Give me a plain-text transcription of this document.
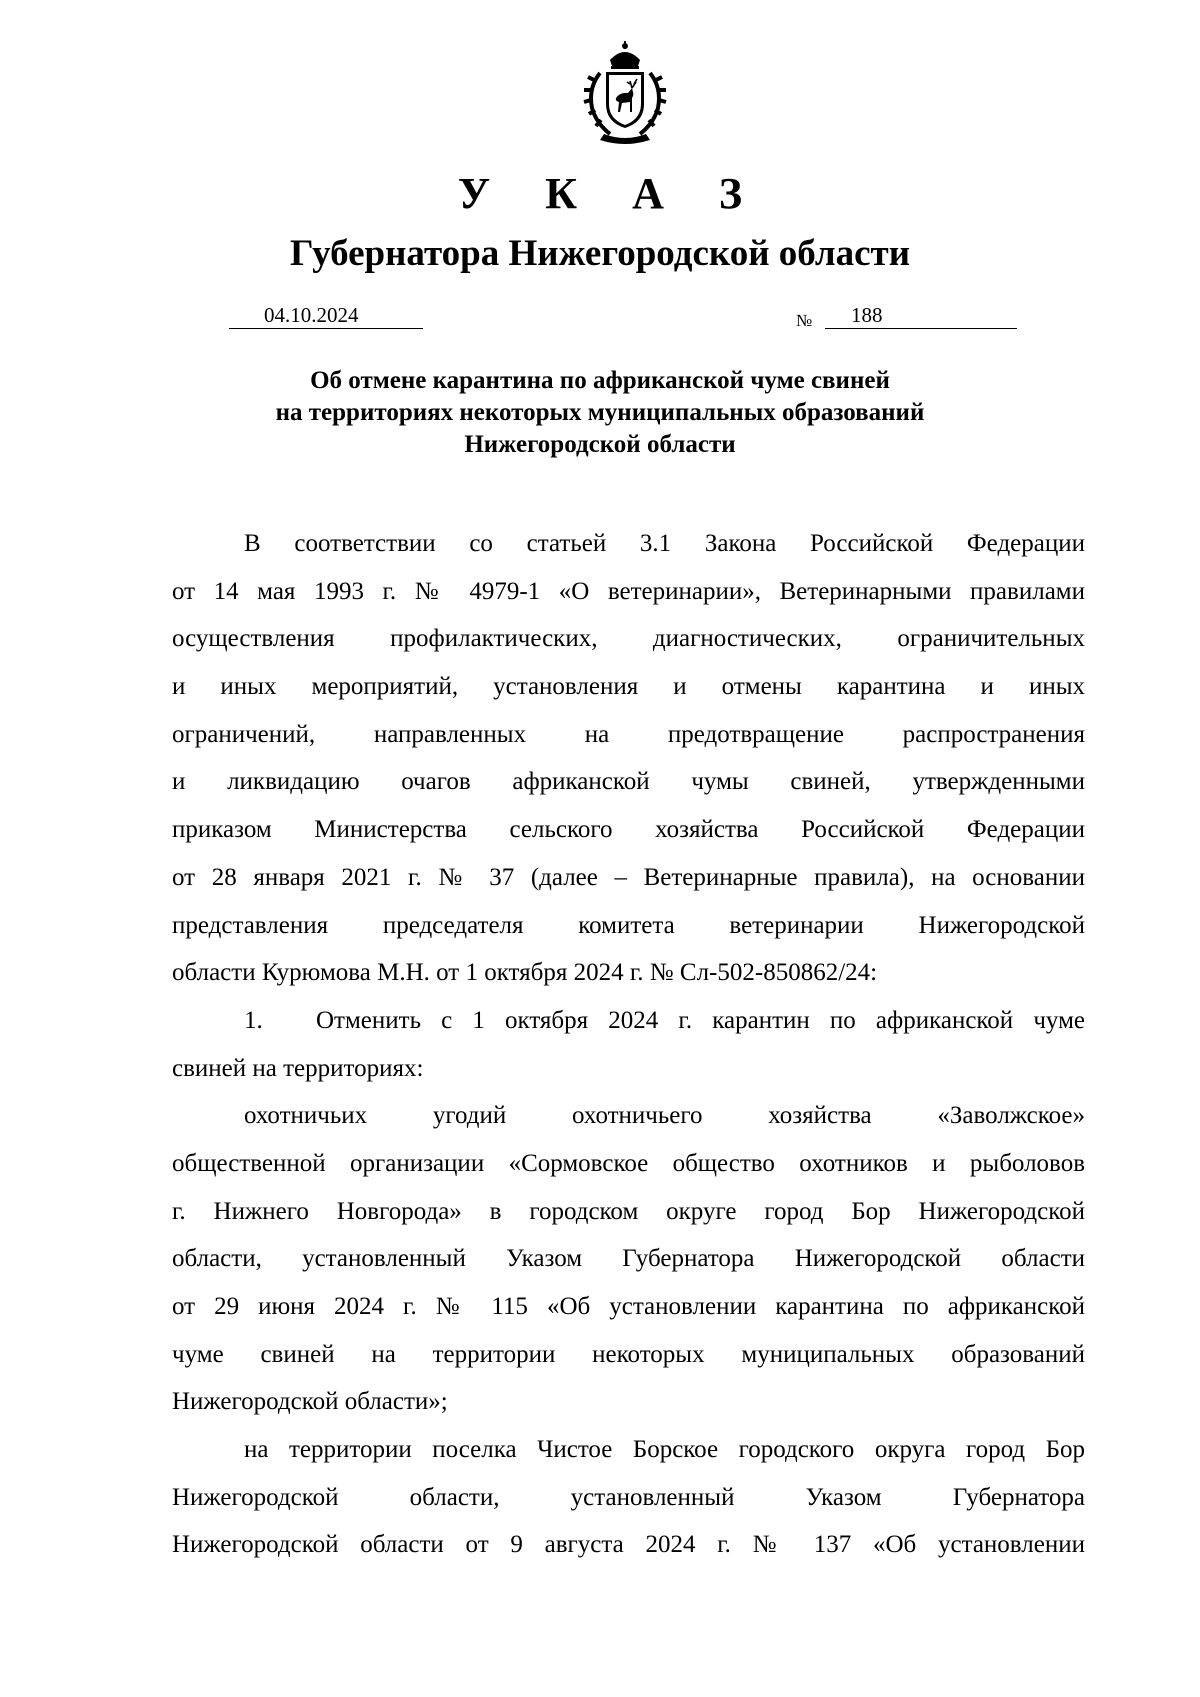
У К А З
Губернатора Нижегородской области
04.10.2024	№	188
Об отмене карантина по африканской чуме свиней
на территориях некоторых муниципальных образований
Нижегородской области
В соответствии со статьей 3.1 Закона Российской Федерации
от 14 мая 1993 г. № 4979-1 «О ветеринарии», Ветеринарными правилами
осуществления профилактических, диагностических, ограничительных
и иных мероприятий, установления и отмены карантина и иных
ограничений, направленных на предотвращение распространения
и ликвидацию очагов африканской чумы свиней, утвержденными
приказом Министерства сельского хозяйства Российской Федерации
от 28 января 2021 г. № 37 (далее – Ветеринарные правила), на основании
представления председателя комитета ветеринарии Нижегородской
области Курюмова М.Н. от 1 октября 2024 г. № Сл-502-850862/24:
1.	Отменить с 1 октября 2024 г. карантин по африканской чуме
свиней на территориях:
охотничьих угодий охотничьего хозяйства «Заволжское»
общественной организации «Сормовское общество охотников и рыболовов
г. Нижнего Новгорода» в городском округе город Бор Нижегородской
области, установленный Указом Губернатора Нижегородской области
от 29 июня 2024 г. № 115 «Об установлении карантина по африканской
чуме свиней на территории некоторых муниципальных образований
Нижегородской области»;
на территории поселка Чистое Борское городского округа город Бор
Нижегородской области, установленный Указом Губернатора
Нижегородской области от 9 августа 2024 г. № 137 «Об установлении
